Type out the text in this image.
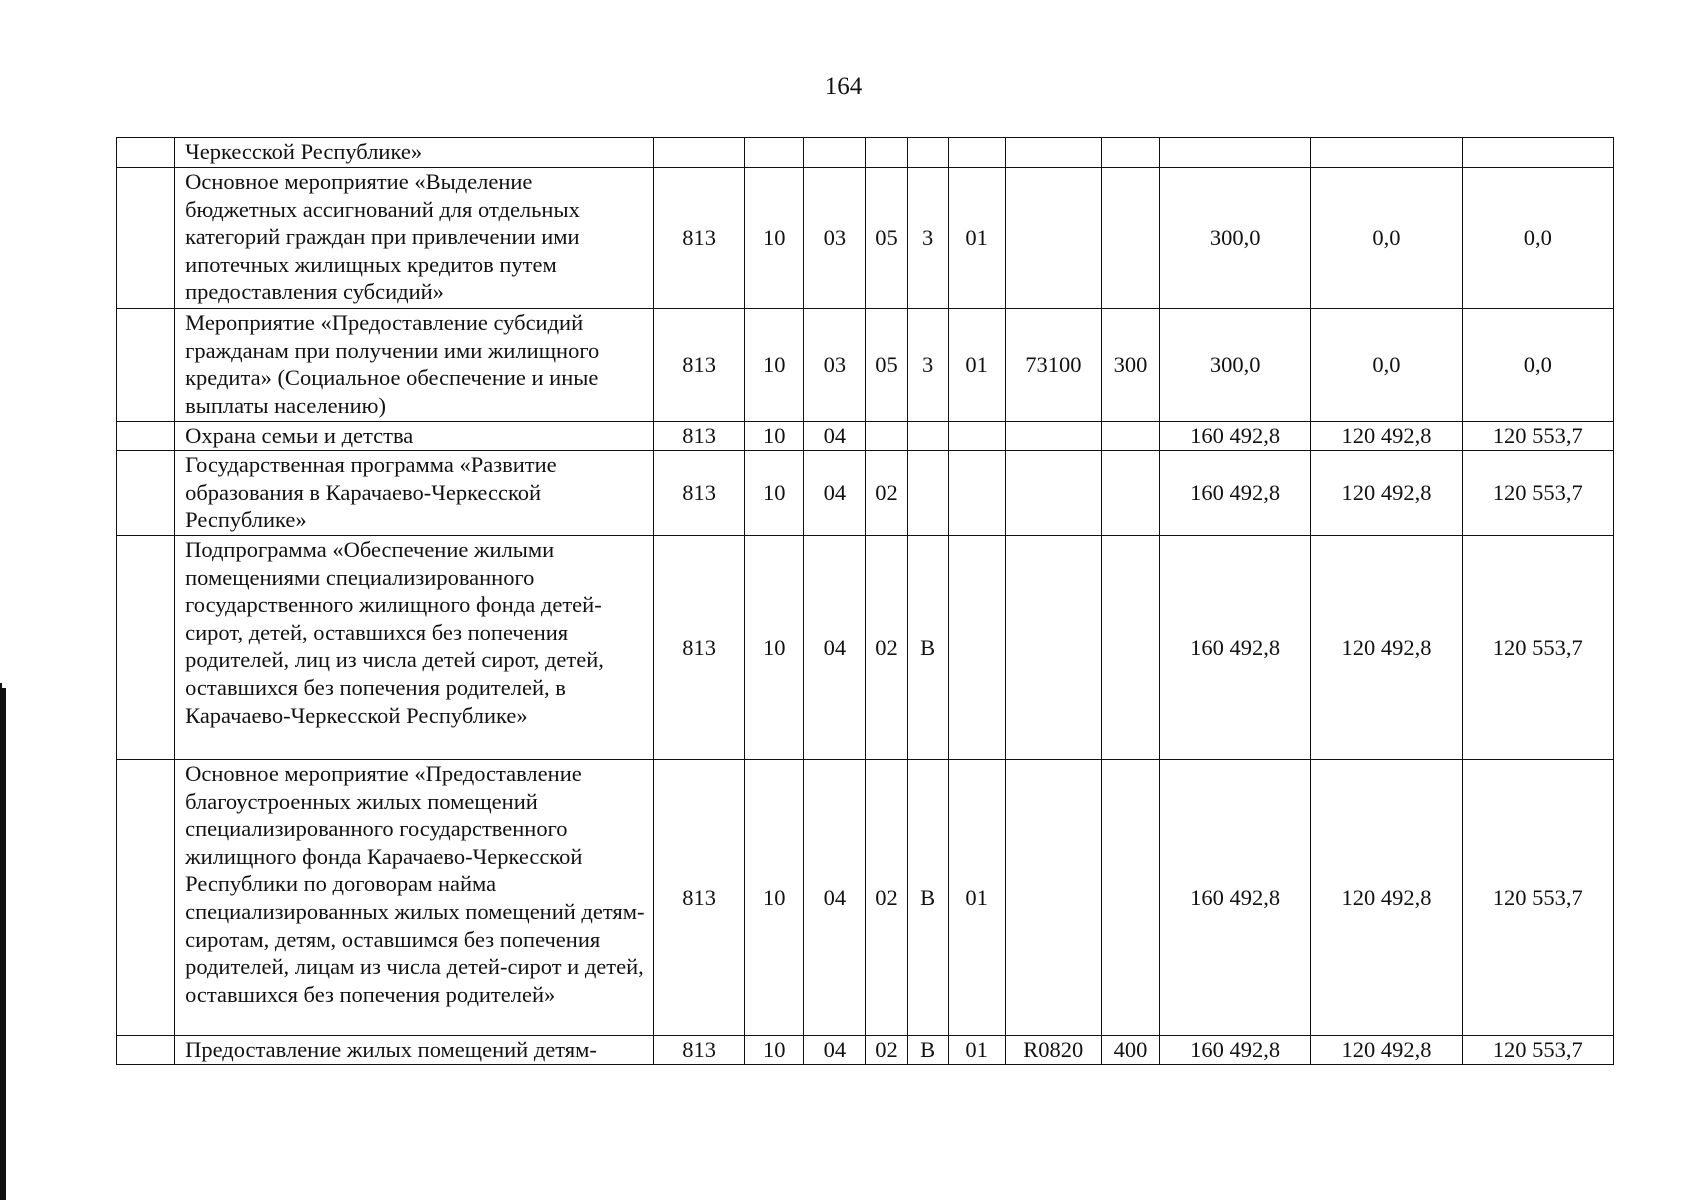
164
	Черкесской Республике»											
	Основное мероприятие «Выделение бюджетных ассигнований для отдельных категорий граждан при привлечении ими ипотечных жилищных кредитов путем предоставления субсидий»	813	10	03	05	3	01			300,0	0,0	0,0
	Мероприятие «Предоставление субсидий гражданам при получении ими жилищного кредита» (Социальное обеспечение и иные выплаты населению)	813	10	03	05	3	01	73100	300	300,0	0,0	0,0
	Охрана семьи и детства	813	10	04						160 492,8	120 492,8	120 553,7
	Государственная программа «Развитие образования в Карачаево-Черкесской Республике»	813	10	04	02					160 492,8	120 492,8	120 553,7
	Подпрограмма «Обеспечение жилыми помещениями специализированного государственного жилищного фонда детей-сирот, детей, оставшихся без попечения родителей, лиц из числа детей сирот, детей, оставшихся без попечения родителей, в Карачаево-Черкесской Республике»	813	10	04	02	В				160 492,8	120 492,8	120 553,7
	Основное мероприятие «Предоставление благоустроенных жилых помещений специализированного государственного жилищного фонда Карачаево-Черкесской Республики по договорам найма специализированных жилых помещений детям-сиротам, детям, оставшимся без попечения родителей, лицам из числа детей-сирот и детей, оставшихся без попечения родителей»	813	10	04	02	В	01			160 492,8	120 492,8	120 553,7
	Предоставление жилых помещений детям-	813	10	04	02	В	01	R0820	400	160 492,8	120 492,8	120 553,7
